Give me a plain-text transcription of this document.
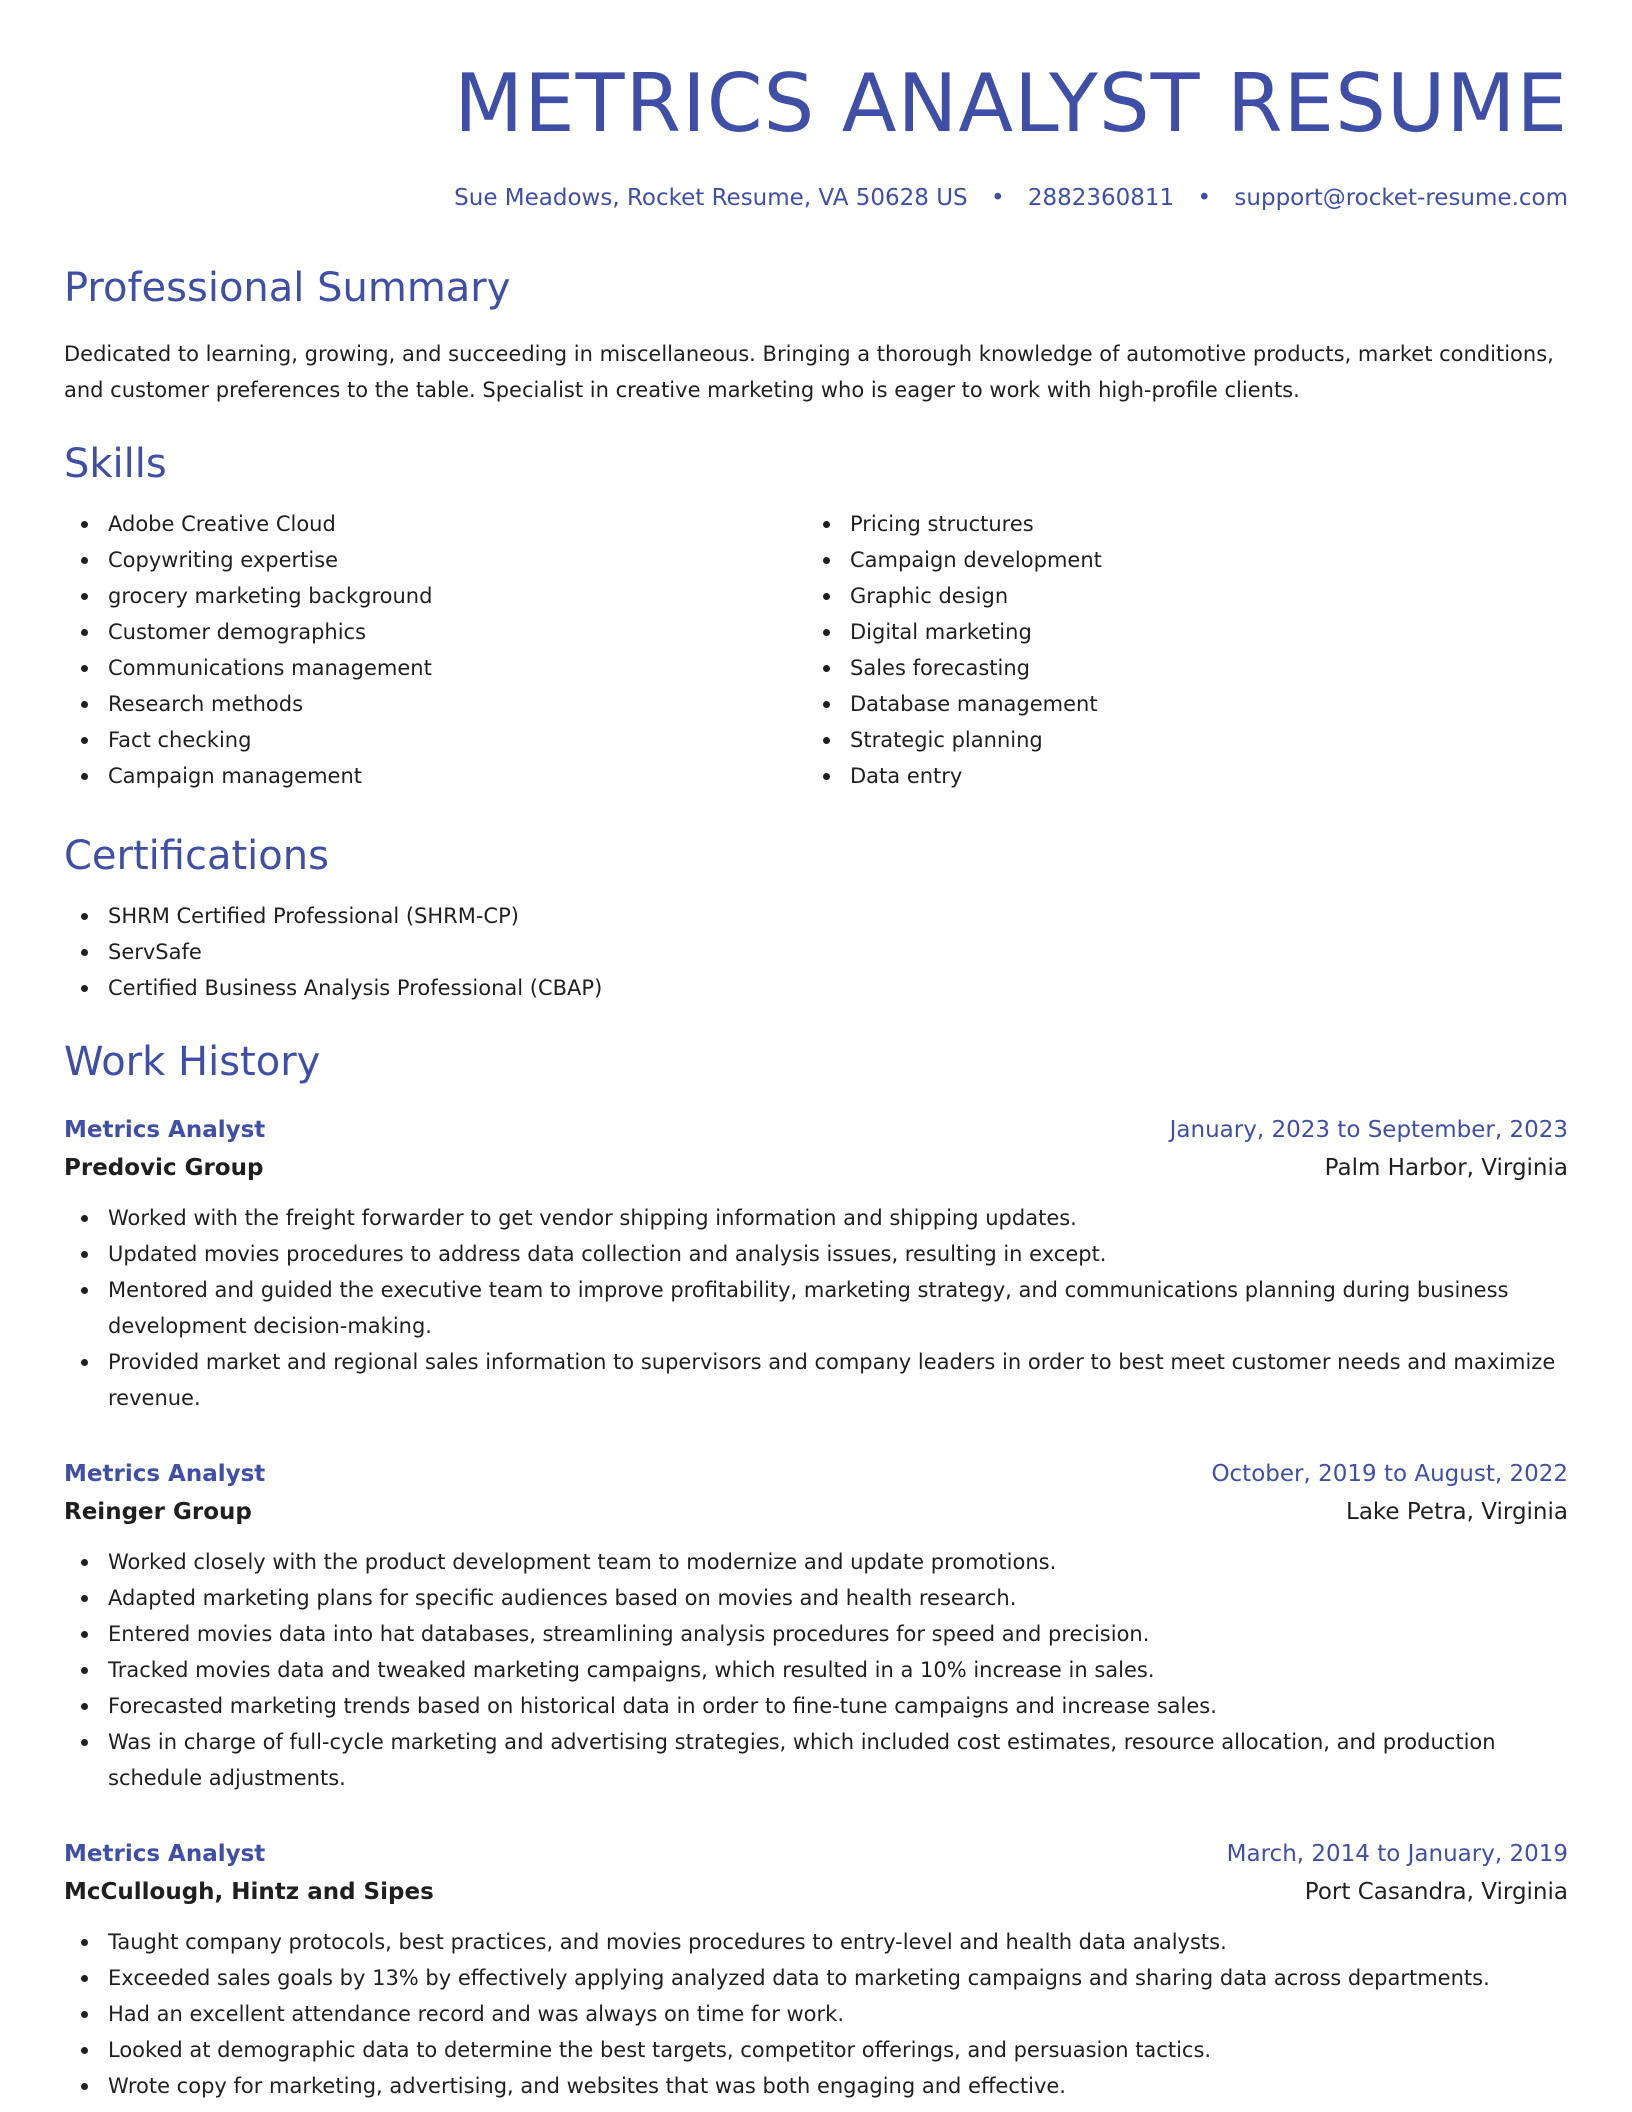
METRICS ANALYST RESUME
Sue Meadows, Rocket Resume, VA 50628 US • 2882360811 • support@rocket-resume.com
Professional Summary
Dedicated to learning, growing, and succeeding in miscellaneous. Bringing a thorough knowledge of automotive products, market conditions, and customer preferences to the table. Specialist in creative marketing who is eager to work with high-profile clients.
Skills
Adobe Creative Cloud
Copywriting expertise
grocery marketing background
Customer demographics
Communications management
Research methods
Fact checking
Campaign management
Pricing structures
Campaign development
Graphic design
Digital marketing
Sales forecasting
Database management
Strategic planning
Data entry
Certifications
SHRM Certified Professional (SHRM-CP)
ServSafe
Certified Business Analysis Professional (CBAP)
Work History
Metrics Analyst	January, 2023 to September, 2023
Predovic Group	Palm Harbor, Virginia
Worked with the freight forwarder to get vendor shipping information and shipping updates.
Updated movies procedures to address data collection and analysis issues, resulting in except.
Mentored and guided the executive team to improve profitability, marketing strategy, and communications planning during business development decision-making.
Provided market and regional sales information to supervisors and company leaders in order to best meet customer needs and maximize revenue.
Metrics Analyst	October, 2019 to August, 2022
Reinger Group	Lake Petra, Virginia
Worked closely with the product development team to modernize and update promotions.
Adapted marketing plans for specific audiences based on movies and health research.
Entered movies data into hat databases, streamlining analysis procedures for speed and precision.
Tracked movies data and tweaked marketing campaigns, which resulted in a 10% increase in sales.
Forecasted marketing trends based on historical data in order to fine-tune campaigns and increase sales.
Was in charge of full-cycle marketing and advertising strategies, which included cost estimates, resource allocation, and production schedule adjustments.
Metrics Analyst	March, 2014 to January, 2019
McCullough, Hintz and Sipes	Port Casandra, Virginia
Taught company protocols, best practices, and movies procedures to entry-level and health data analysts.
Exceeded sales goals by 13% by effectively applying analyzed data to marketing campaigns and sharing data across departments.
Had an excellent attendance record and was always on time for work.
Looked at demographic data to determine the best targets, competitor offerings, and persuasion tactics.
Wrote copy for marketing, advertising, and websites that was both engaging and effective.
